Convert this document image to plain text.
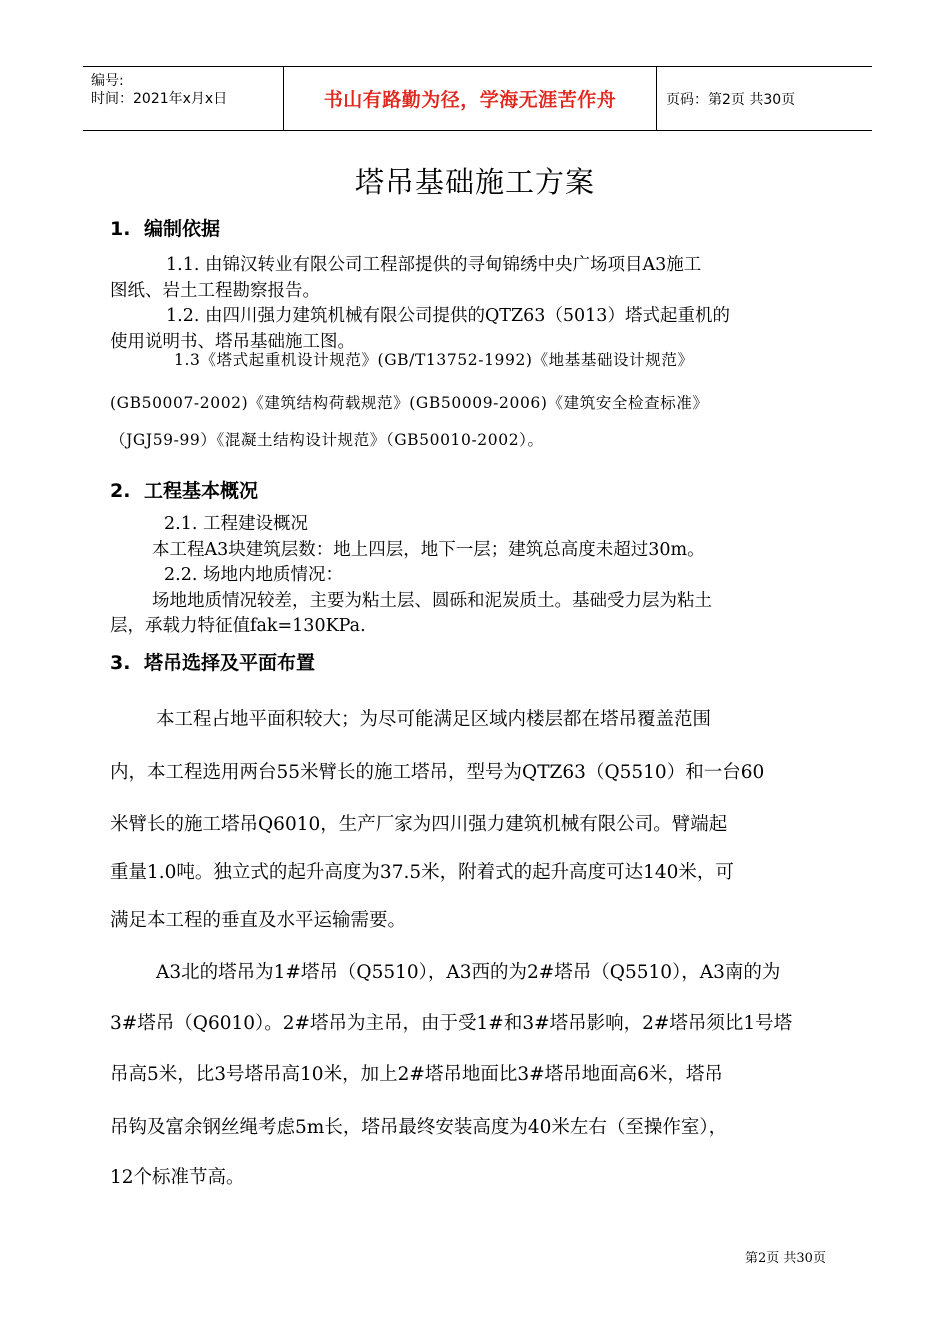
编号:
时间：2021年x月x日	书山有路勤为径，学海无涯苦作舟	页码：第2页 共30页
塔吊基础施工方案
1. 编制依据
1.1. 由锦汉转业有限公司工程部提供的寻甸锦绣中央广场项目A3施工
图纸、岩土工程勘察报告。
1.2. 由四川强力建筑机械有限公司提供的QTZ63（5013）塔式起重机的
使用说明书、塔吊基础施工图。
1.3《塔式起重机设计规范》(GB/T13752-1992)《地基基础设计规范》
(GB50007-2002)《建筑结构荷载规范》(GB50009-2006)《建筑安全检查标准》
（JGJ59-99）《混凝土结构设计规范》（GB50010-2002）。
2. 工程基本概况
2.1. 工程建设概况
本工程A3块建筑层数：地上四层，地下一层；建筑总高度未超过30m。
2.2. 场地内地质情况：
场地地质情况较差，主要为粘土层、圆砾和泥炭质土。基础受力层为粘土
层，承载力特征值fak=130KPa.
3. 塔吊选择及平面布置
本工程占地平面积较大；为尽可能满足区域内楼层都在塔吊覆盖范围
内，本工程选用两台55米臂长的施工塔吊，型号为QTZ63（Q5510）和一台60
米臂长的施工塔吊Q6010，生产厂家为四川强力建筑机械有限公司。臂端起
重量1.0吨。独立式的起升高度为37.5米，附着式的起升高度可达140米，可
满足本工程的垂直及水平运输需要。
A3北的塔吊为1#塔吊（Q5510），A3西的为2#塔吊（Q5510），A3南的为
3#塔吊（Q6010）。2#塔吊为主吊，由于受1#和3#塔吊影响，2#塔吊须比1号塔
吊高5米，比3号塔吊高10米，加上2#塔吊地面比3#塔吊地面高6米，塔吊
吊钩及富余钢丝绳考虑5m长，塔吊最终安装高度为40米左右（至操作室），
12个标准节高。
第2页 共30页
